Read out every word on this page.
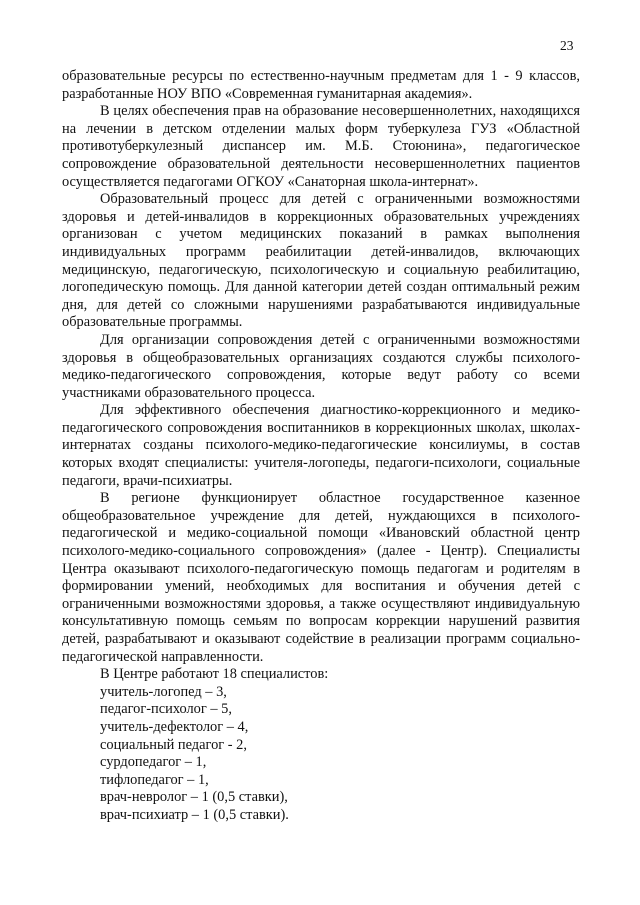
23

образовательные ресурсы по естественно-научным предметам для 1 - 9 классов, разработанные НОУ ВПО «Современная гуманитарная академия».

В целях обеспечения прав на образование несовершеннолетних, находящихся на лечении в детском отделении малых форм туберкулеза ГУЗ «Областной противотуберкулезный диспансер им. М.Б. Стоюнина», педагогическое сопровождение образовательной деятельности несовершеннолетних пациентов осуществляется педагогами ОГКОУ «Санаторная школа-интернат».

Образовательный процесс для детей с ограниченными возможностями здоровья и детей-инвалидов в коррекционных образовательных учреждениях организован с учетом медицинских показаний в рамках выполнения индивидуальных программ реабилитации детей-инвалидов, включающих медицинскую, педагогическую, психологическую и социальную реабилитацию, логопедическую помощь. Для данной категории детей создан оптимальный режим дня, для детей со сложными нарушениями разрабатываются индивидуальные образовательные программы.

Для организации сопровождения детей с ограниченными возможностями здоровья в общеобразовательных организациях создаются службы психолого-медико-педагогического сопровождения, которые ведут работу со всеми участниками образовательного процесса.

Для эффективного обеспечения диагностико-коррекционного и медико-педагогического сопровождения воспитанников в коррекционных школах, школах-интернатах созданы психолого-медико-педагогические консилиумы, в состав которых входят специалисты: учителя-логопеды, педагоги-психологи, социальные педагоги, врачи-психиатры.

В регионе функционирует областное государственное казенное общеобразовательное учреждение для детей, нуждающихся в психолого-педагогической и медико-социальной помощи «Ивановский областной центр психолого-медико-социального сопровождения» (далее - Центр). Специалисты Центра оказывают психолого-педагогическую помощь педагогам и родителям в формировании умений, необходимых для воспитания и обучения детей с ограниченными возможностями здоровья, а также осуществляют индивидуальную консультативную помощь семьям по вопросам коррекции нарушений развития детей, разрабатывают и оказывают содействие в реализации программ социально-педагогической направленности.

В Центре работают 18 специалистов:

учитель-логопед – 3,
педагог-психолог – 5,
учитель-дефектолог – 4,
социальный педагог - 2,
сурдопедагог – 1,
тифлопедагог – 1,
врач-невролог – 1 (0,5 ставки),
врач-психиатр – 1 (0,5 ставки).
